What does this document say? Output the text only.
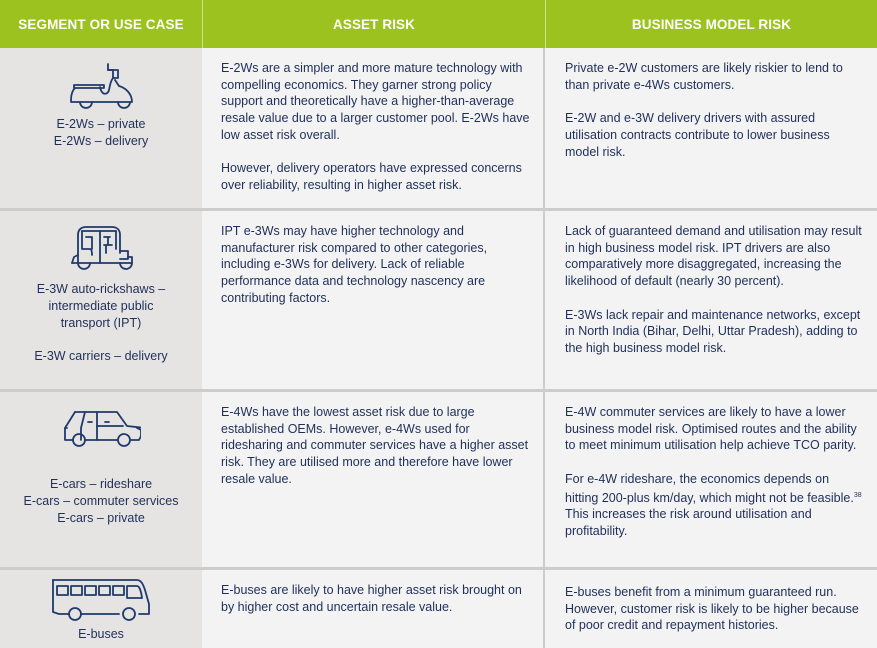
SEGMENT OR USE CASE	ASSET RISK	BUSINESS MODEL RISK
E-2Ws – private
E-2Ws – delivery

E-2Ws are a simpler and more mature technology with compelling economics. They garner strong policy support and theoretically have a higher-than-average resale value due to a larger customer pool. E-2Ws have low asset risk overall.

However, delivery operators have expressed concerns over reliability, resulting in higher asset risk.

Private e-2W customers are likely riskier to lend to than private e-4Ws customers.

E-2W and e-3W delivery drivers with assured utilisation contracts contribute to lower business model risk.

E-3W auto-rickshaws –
intermediate public
transport (IPT)
E-3W carriers – delivery

IPT e-3Ws may have higher technology and manufacturer risk compared to other categories, including e-3Ws for delivery. Lack of reliable performance data and technology nascency are contributing factors.

Lack of guaranteed demand and utilisation may result in high business model risk. IPT drivers are also comparatively more disaggregated, increasing the likelihood of default (nearly 30 percent).

E-3Ws lack repair and maintenance networks, except in North India (Bihar, Delhi, Uttar Pradesh), adding to the high business model risk.

E-cars – rideshare
E-cars – commuter services
E-cars – private

E-4Ws have the lowest asset risk due to large established OEMs. However, e-4Ws used for ridesharing and commuter services have a higher asset risk. They are utilised more and therefore have lower resale value.

E-4W commuter services are likely to have a lower business model risk. Optimised routes and the ability to meet minimum utilisation help achieve TCO parity.

For e-4W rideshare, the economics depends on hitting 200-plus km/day, which might not be feasible.$^{38}$ This increases the risk around utilisation and profitability.

E-buses

E-buses are likely to have higher asset risk brought on by higher cost and uncertain resale value.

E-buses benefit from a minimum guaranteed run. However, customer risk is likely to be higher because of poor credit and repayment histories.
